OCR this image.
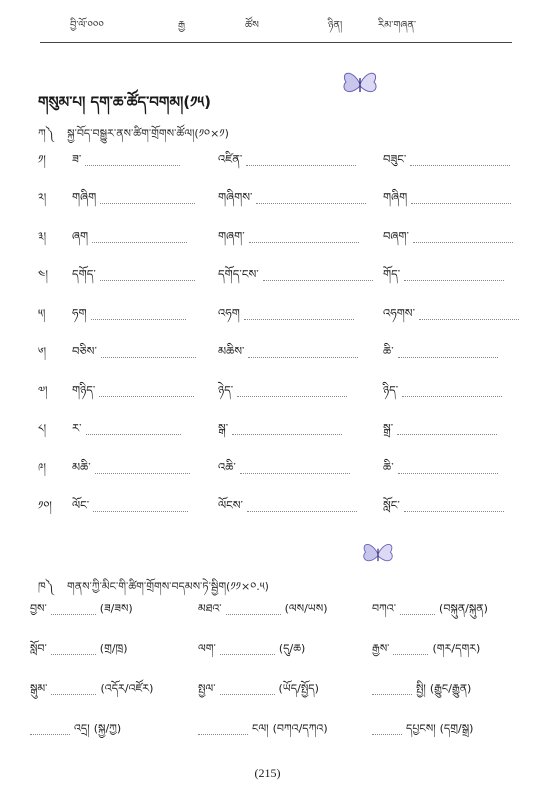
བྱི་ལོ་༠༠༠	རྒྱ	ཚོས	ཉིན།	རིམ་གཞན་
གསུམ་པ། དག་ཆ་ཚོད་བགམ།(༡༥)
ཀ༽ སྐྱ་བོད་བསྒྱུར་ནས་ཚིག་གྲོགས་ཚོལ།(༡༠×༡)
༡།	ཟ་	འཛིན་	བཟུང་
༢།	གཞིག	གཞིགས་	གཞིག
༣།	ཞག	གཞག་	བཞག་
༤།	དགོད་	དགོད་ངས་	གོད་
༥།	ཧག	འཧག	འཧགས་
༦།	བཅིས་	མཆིས་	ཆི་
༧།	གཉིད་	ཉེད་	ཉིད་
༨།	ར་	སྒ་	སྒྲ་
༩།	མཆི་	འཆི་	ཆི་
༡༠།	ལོང་	ལོངས་	སློང་
ཁ༽ གནས་ཀྱི་མིང་གི་ཚིག་གྲོགས་བདམས་ཏེ་སྦྱིག(༡༡×༠.༥)
བྱས་	(ཟ/ཟས)	མཐའ་	(ལས/ཡས)	བཀའ་	(བསྐུན/སྐུན)
སློབ་	(གྲ/ཁྲ)	ལག་	(དུ/ཆ)	རྒྱས་	(གར/དགར)
སྒུམ་	(འདོར/འཛོར)	སྤྱལ་	(ཡོད/སྤྱོད)	སྤྱི། (རྒྱུང/རྒྱུན)
འདྲ། (སྐྱ/ཀྱ)	ངལ། (བཀའ/དཀའ)	དཔྱངས། (དགྲ/སྒྲ)
(215)
